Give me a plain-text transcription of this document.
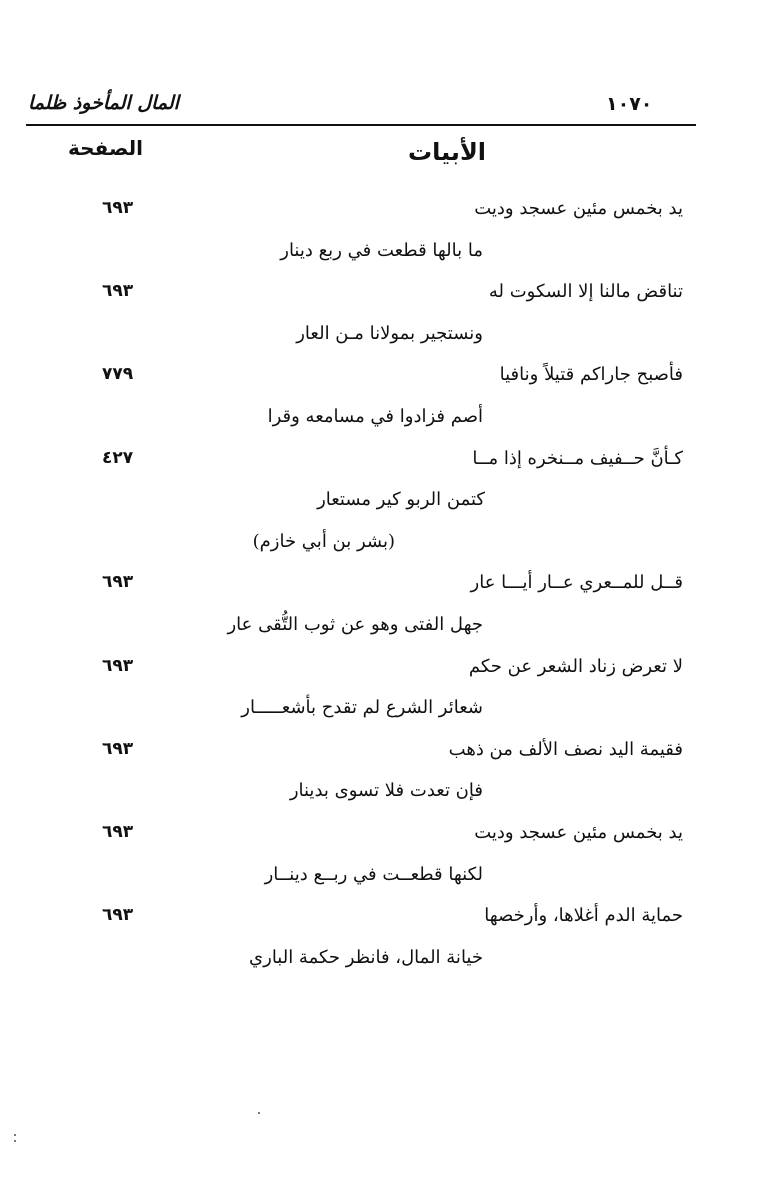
المال المأخوذ ظلما	١٠٧٠
الصفحة	الأبيات
يد بخمس مئين عسجد وديت
٦٩٣
ما بالها قطعت في ربع دينار
تناقض مالنا إلا السكوت له
٦٩٣
ونستجير بمولانا مـن العار
فأصبح جاراكم قتيلاً ونافيا
٧٧٩
أصم فزادوا في مسامعه وقرا
كـأنَّ حــفيف مــنخره إذا مــا
٤٢٧
كتمن الربو كير مستعار
(بشر بن أبي خازم)
قــل للمــعري عــار أيـــا عار
٦٩٣
جهل الفتى وهو عن ثوب التُّقى عار
لا تعرض زناد الشعر عن حكم
٦٩٣
شعائر الشرع لم تقدح بأشعـــــار
فقيمة اليد نصف الألف من ذهب
٦٩٣
فإن تعدت فلا تسوى بدينار
يد بخمس مئين عسجد وديت
٦٩٣
لكنها قطعــت في ربــع دينــار
حماية الدم أغلاها، وأرخصها
٦٩٣
خيانة المال، فانظر حكمة الباري
